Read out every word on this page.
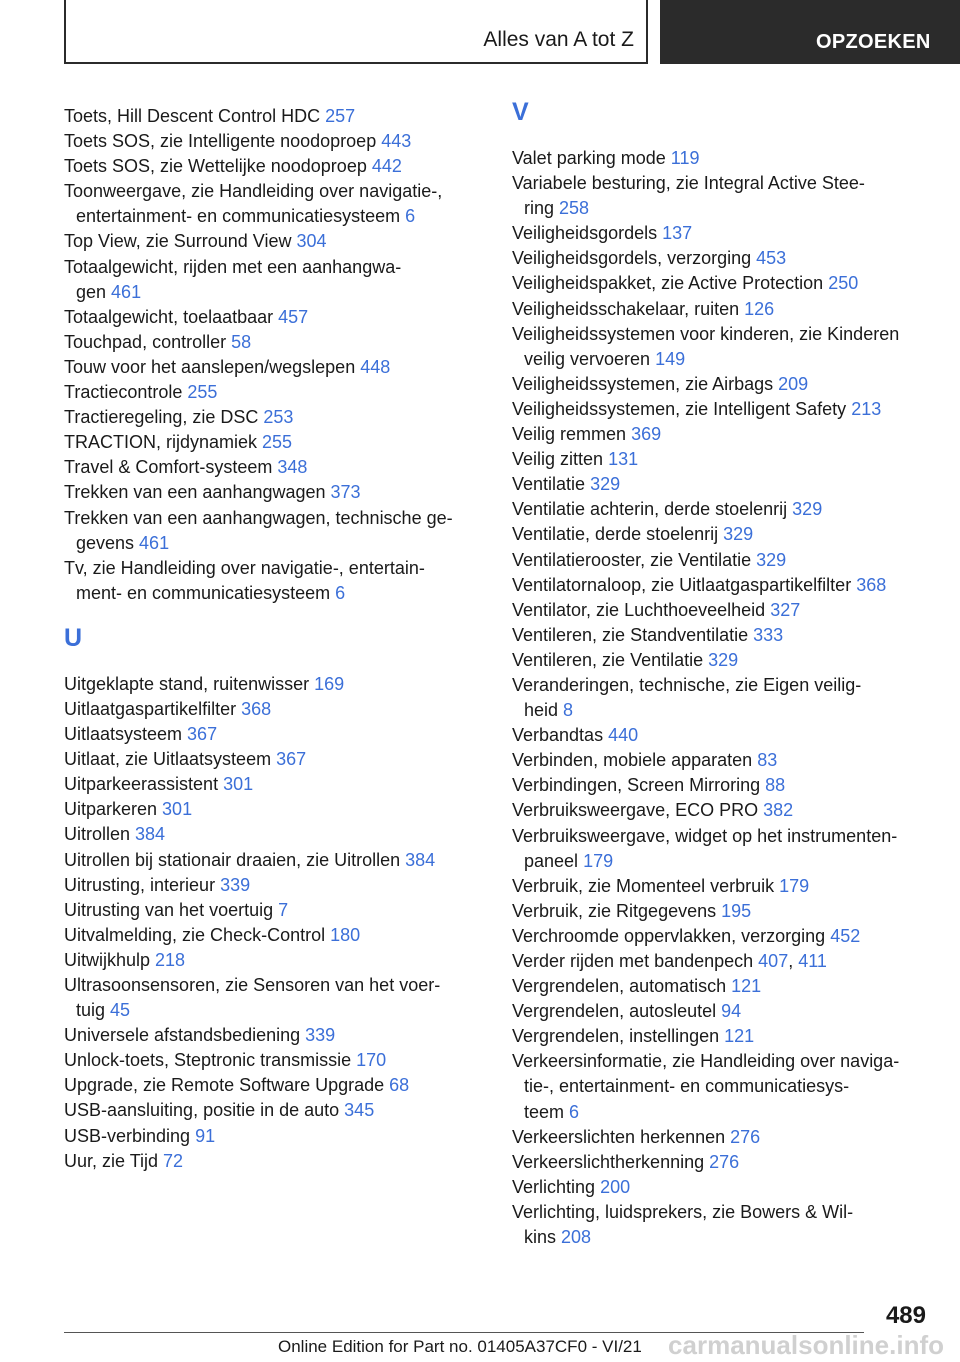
Alles van A tot Z	OPZOEKEN
Toets, Hill Descent Control HDC 257
Toets SOS, zie Intelligente noodoproep 443
Toets SOS, zie Wettelijke noodoproep 442
Toonweergave, zie Handleiding over navigatie-,
entertainment- en communicatiesysteem 6
Top View, zie Surround View 304
Totaalgewicht, rijden met een aanhangwa-
gen 461
Totaalgewicht, toelaatbaar 457
Touchpad, controller 58
Touw voor het aanslepen/wegslepen 448
Tractiecontrole 255
Tractieregeling, zie DSC 253
TRACTION, rijdynamiek 255
Travel & Comfort-systeem 348
Trekken van een aanhangwagen 373
Trekken van een aanhangwagen, technische ge-
gevens 461
Tv, zie Handleiding over navigatie-, entertain-
ment- en communicatiesysteem 6
U
Uitgeklapte stand, ruitenwisser 169
Uitlaatgaspartikelfilter 368
Uitlaatsysteem 367
Uitlaat, zie Uitlaatsysteem 367
Uitparkeerassistent 301
Uitparkeren 301
Uitrollen 384
Uitrollen bij stationair draaien, zie Uitrollen 384
Uitrusting, interieur 339
Uitrusting van het voertuig 7
Uitvalmelding, zie Check-Control 180
Uitwijkhulp 218
Ultrasoonsensoren, zie Sensoren van het voer-
tuig 45
Universele afstandsbediening 339
Unlock-toets, Steptronic transmissie 170
Upgrade, zie Remote Software Upgrade 68
USB-aansluiting, positie in de auto 345
USB-verbinding 91
Uur, zie Tijd 72
V
Valet parking mode 119
Variabele besturing, zie Integral Active Stee-
ring 258
Veiligheidsgordels 137
Veiligheidsgordels, verzorging 453
Veiligheidspakket, zie Active Protection 250
Veiligheidsschakelaar, ruiten 126
Veiligheidssystemen voor kinderen, zie Kinderen
veilig vervoeren 149
Veiligheidssystemen, zie Airbags 209
Veiligheidssystemen, zie Intelligent Safety 213
Veilig remmen 369
Veilig zitten 131
Ventilatie 329
Ventilatie achterin, derde stoelenrij 329
Ventilatie, derde stoelenrij 329
Ventilatierooster, zie Ventilatie 329
Ventilatornaloop, zie Uitlaatgaspartikelfilter 368
Ventilator, zie Luchthoeveelheid 327
Ventileren, zie Standventilatie 333
Ventileren, zie Ventilatie 329
Veranderingen, technische, zie Eigen veilig-
heid 8
Verbandtas 440
Verbinden, mobiele apparaten 83
Verbindingen, Screen Mirroring 88
Verbruiksweergave, ECO PRO 382
Verbruiksweergave, widget op het instrumenten-
paneel 179
Verbruik, zie Momenteel verbruik 179
Verbruik, zie Ritgegevens 195
Verchroomde oppervlakken, verzorging 452
Verder rijden met bandenpech 407, 411
Vergrendelen, automatisch 121
Vergrendelen, autosleutel 94
Vergrendelen, instellingen 121
Verkeersinformatie, zie Handleiding over naviga-
tie-, entertainment- en communicatiesys-
teem 6
Verkeerslichten herkennen 276
Verkeerslichtherkenning 276
Verlichting 200
Verlichting, luidsprekers, zie Bowers & Wil-
kins 208
489
Online Edition for Part no. 01405A37CF0 - VI/21 carmanualsonline.info
